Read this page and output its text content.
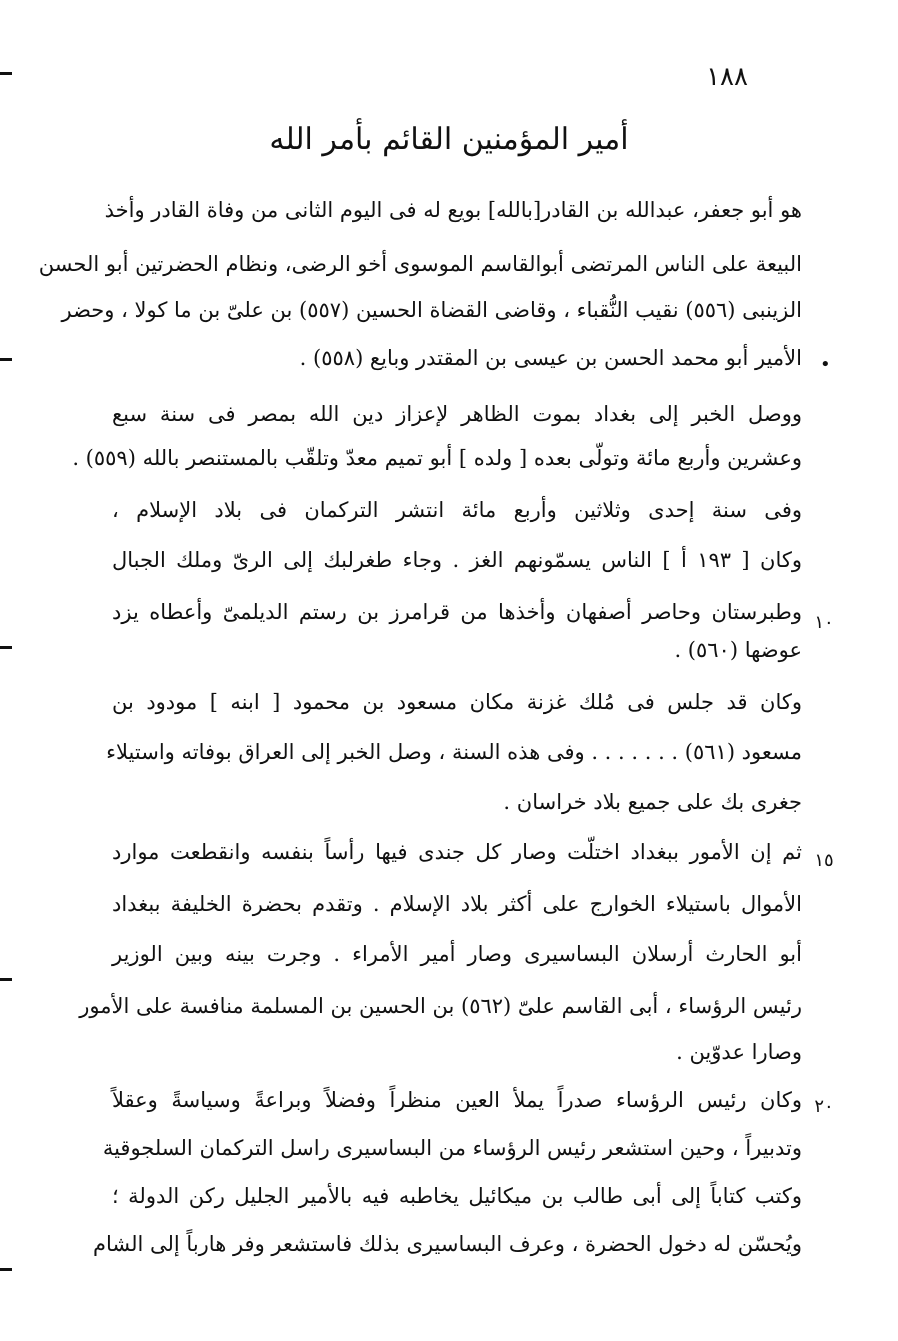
١٨٨
أمير المؤمنين القائم بأمر الله
•
١٠
١٥
٢٠
هو أبو جعفر، عبدالله بن القادر[بالله] بويع له فى اليوم الثانى من وفاة القادر وأخذ
البيعة على الناس المرتضى أبوالقاسم الموسوى أخو الرضى، ونظام الحضرتين أبو الحسن
الزينبى (٥٥٦) نقيب النُّقباء ، وقاضى القضاة الحسين (٥٥٧) بن علىّ بن ما كولا ، وحضر
الأمير أبو محمد الحسن بن عيسى بن المقتدر وبايع (٥٥٨) .
ووصل الخبر إلى بغداد بموت الظاهر لإعزاز دين الله بمصر فى سنة سبع
وعشرين وأربع مائة وتولّى بعده [ ولده ] أبو تميم معدّ وتلقّب بالمستنصر بالله (٥٥٩) .
وفى سنة إحدى وثلاثين وأربع مائة انتشر التركمان فى بلاد الإسلام ،
وكان [ ١٩٣ أ ] الناس يسمّونهم الغز . وجاء طغرلبك إلى الرىّ وملك الجبال
وطبرستان وحاصر أصفهان وأخذها من قرامرز بن رستم الديلمىّ وأعطاه يزد
عوضها (٥٦٠) .
وكان قد جلس فى مُلك غزنة مكان مسعود بن محمود [ ابنه ] مودود بن
مسعود (٥٦١) . . . . . . . وفى هذه السنة ، وصل الخبر إلى العراق بوفاته واستيلاء
جغرى بك على جميع بلاد خراسان .
ثم إن الأمور ببغداد اختلّت وصار كل جندى فيها رأساً بنفسه وانقطعت موارد
الأموال باستيلاء الخوارج على أكثر بلاد الإسلام . وتقدم بحضرة الخليفة ببغداد
أبو الحارث أرسلان البساسيرى وصار أمير الأمراء . وجرت بينه وبين الوزير
رئيس الرؤساء ، أبى القاسم علىّ (٥٦٢) بن الحسين بن المسلمة منافسة على الأمور
وصارا عدوّين .
وكان رئيس الرؤساء صدراً يملأ العين منظراً وفضلاً وبراعةً وسياسةً وعقلاً
وتدبيراً ، وحين استشعر رئيس الرؤساء من البساسيرى راسل التركمان السلجوقية
وكتب كتاباً إلى أبى طالب بن ميكائيل يخاطبه فيه بالأمير الجليل ركن الدولة ؛
ويُحسّن له دخول الحضرة ، وعرف البساسيرى بذلك فاستشعر وفر هارباً إلى الشام
